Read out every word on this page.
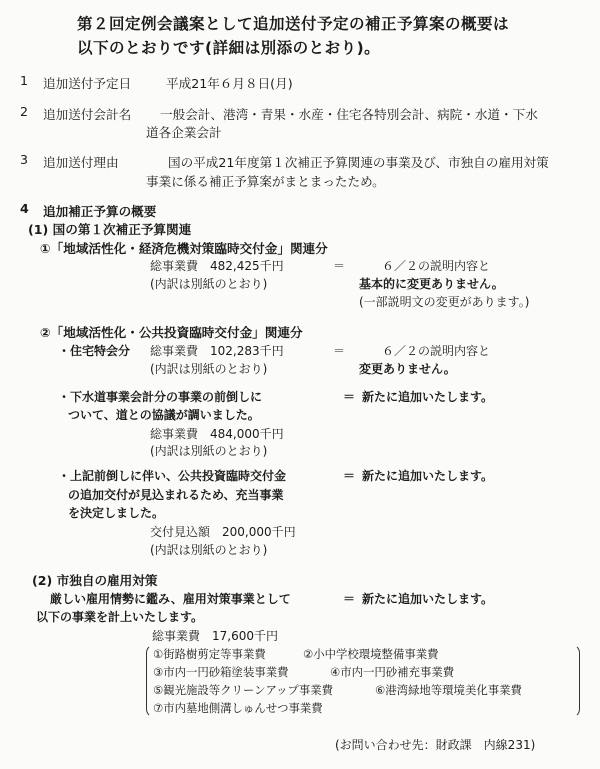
第２回定例会議案として追加送付予定の補正予算案の概要は
以下のとおりです(詳細は別添のとおり)。
1 追加送付予定日	平成21年６月８日(月)
2 追加送付会計名 一般会計、港湾・青果・水産・住宅各特別会計、病院・水道・下水
道各企業会計
3 追加送付理由	国の平成21年度第１次補正予算関連の事業及び、市独自の雇用対策
事業に係る補正予算案がまとまったため。
4 追加補正予算の概要
(1) 国の第１次補正予算関連
①「地域活性化・経済危機対策臨時交付金」関連分
総事業費　482,425千円	＝	６／２の説明内容と
(内訳は別紙のとおり)	基本的に変更ありません。
(一部説明文の変更があります。)
②「地域活性化・公共投資臨時交付金」関連分
・住宅特会分 総事業費　102,283千円	＝	６／２の説明内容と
(内訳は別紙のとおり)	変更ありません。
・下水道事業会計分の事業の前倒しに	＝ 新たに追加いたします。
ついて、道との協議が調いました。
総事業費　484,000千円
(内訳は別紙のとおり)
・上記前倒しに伴い、公共投資臨時交付金	＝ 新たに追加いたします。
の追加交付が見込まれるため、充当事業
を決定しました。
交付見込額　200,000千円
(内訳は別紙のとおり)
(2) 市独自の雇用対策
厳しい雇用情勢に鑑み、雇用対策事業として	＝ 新たに追加いたします。
以下の事業を計上いたします。
総事業費　17,600千円
①街路樹剪定等事業費	②小中学校環境整備事業費
③市内一円砂箱塗装事業費	④市内一円砂補充事業費
⑤観光施設等クリーンアップ事業費	⑥港湾緑地等環境美化事業費
⑦市内墓地側溝しゅんせつ事業費
(お問い合わせ先：財政課　内線231)
